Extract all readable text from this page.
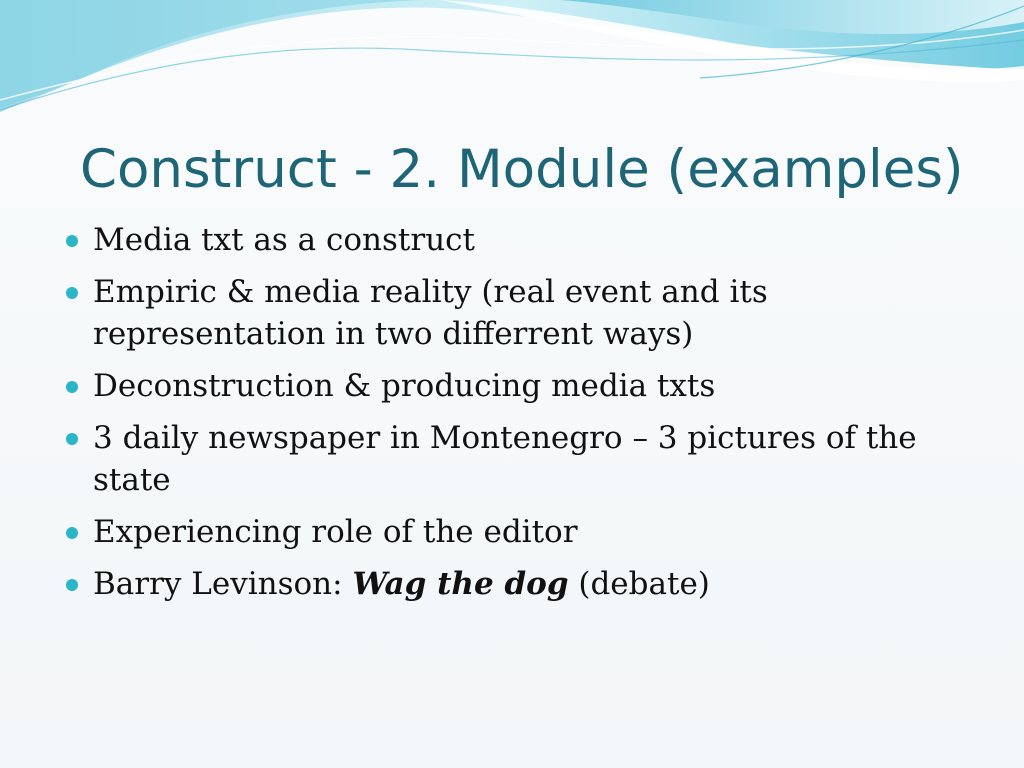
Construct - 2. Module (examples)
Media txt as a construct
Empiric & media reality (real event and its representation in two differrent ways)
Deconstruction & producing media txts
3 daily newspaper in Montenegro – 3 pictures of the state
Experiencing role of the editor
Barry Levinson: Wag the dog (debate)
